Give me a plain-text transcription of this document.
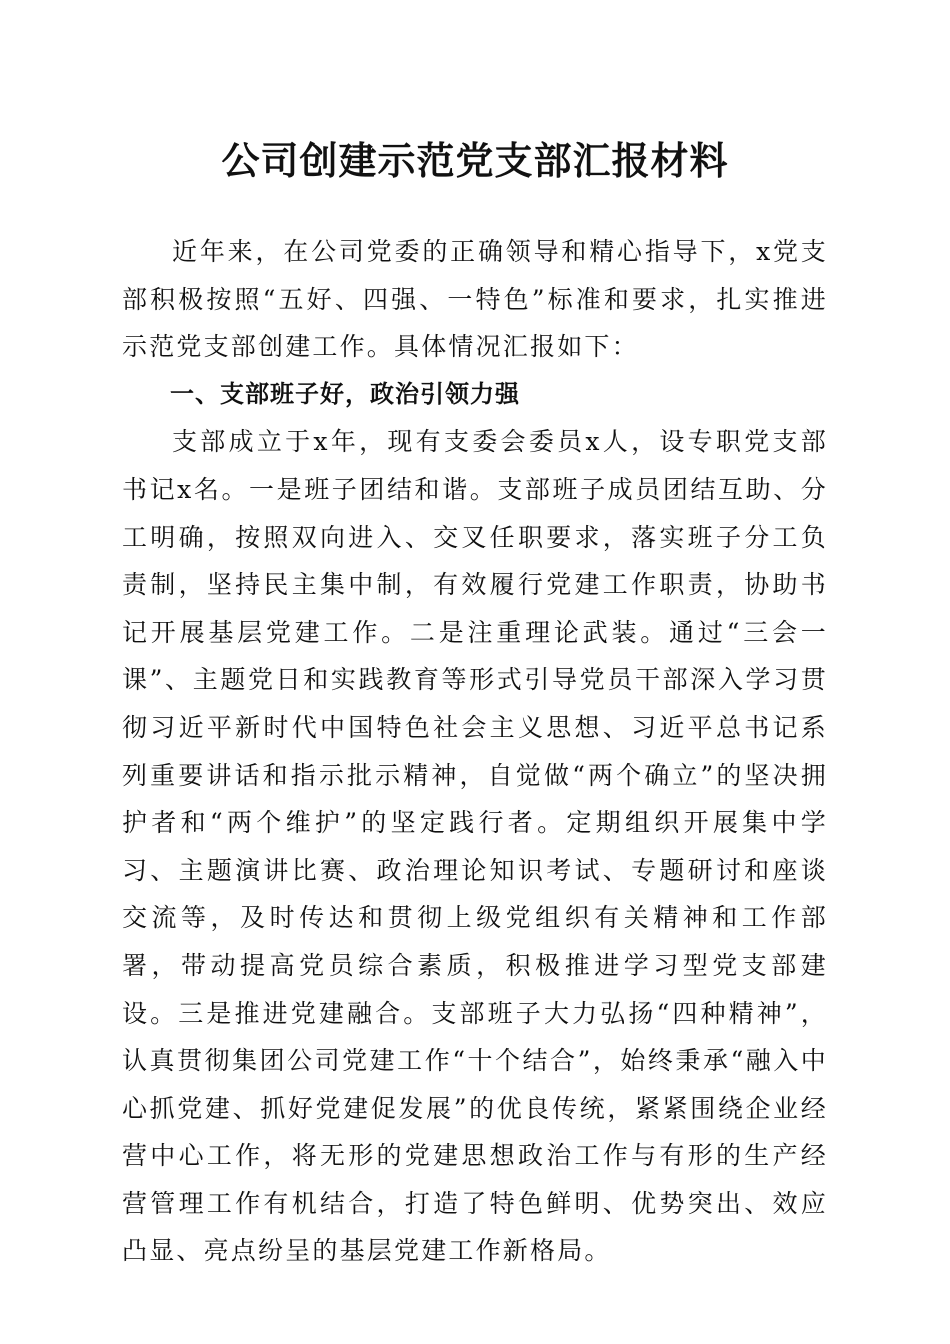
公司创建示范党支部汇报材料

近年来，在公司党委的正确领导和精心指导下，x党支部积极按照“五好、四强、一特色”标准和要求，扎实推进示范党支部创建工作。具体情况汇报如下：

一、支部班子好，政治引领力强

支部成立于x年，现有支委会委员x人，设专职党支部书记x名。一是班子团结和谐。支部班子成员团结互助、分工明确，按照双向进入、交叉任职要求，落实班子分工负责制，坚持民主集中制，有效履行党建工作职责，协助书记开展基层党建工作。二是注重理论武装。通过“三会一课”、主题党日和实践教育等形式引导党员干部深入学习贯彻习近平新时代中国特色社会主义思想、习近平总书记系列重要讲话和指示批示精神，自觉做“两个确立”的坚决拥护者和“两个维护”的坚定践行者。定期组织开展集中学习、主题演讲比赛、政治理论知识考试、专题研讨和座谈交流等，及时传达和贯彻上级党组织有关精神和工作部署，带动提高党员综合素质，积极推进学习型党支部建设。三是推进党建融合。支部班子大力弘扬“四种精神”，认真贯彻集团公司党建工作“十个结合”，始终秉承“融入中心抓党建、抓好党建促发展”的优良传统，紧紧围绕企业经营中心工作，将无形的党建思想政治工作与有形的生产经营管理工作有机结合，打造了特色鲜明、优势突出、效应凸显、亮点纷呈的基层党建工作新格局。
